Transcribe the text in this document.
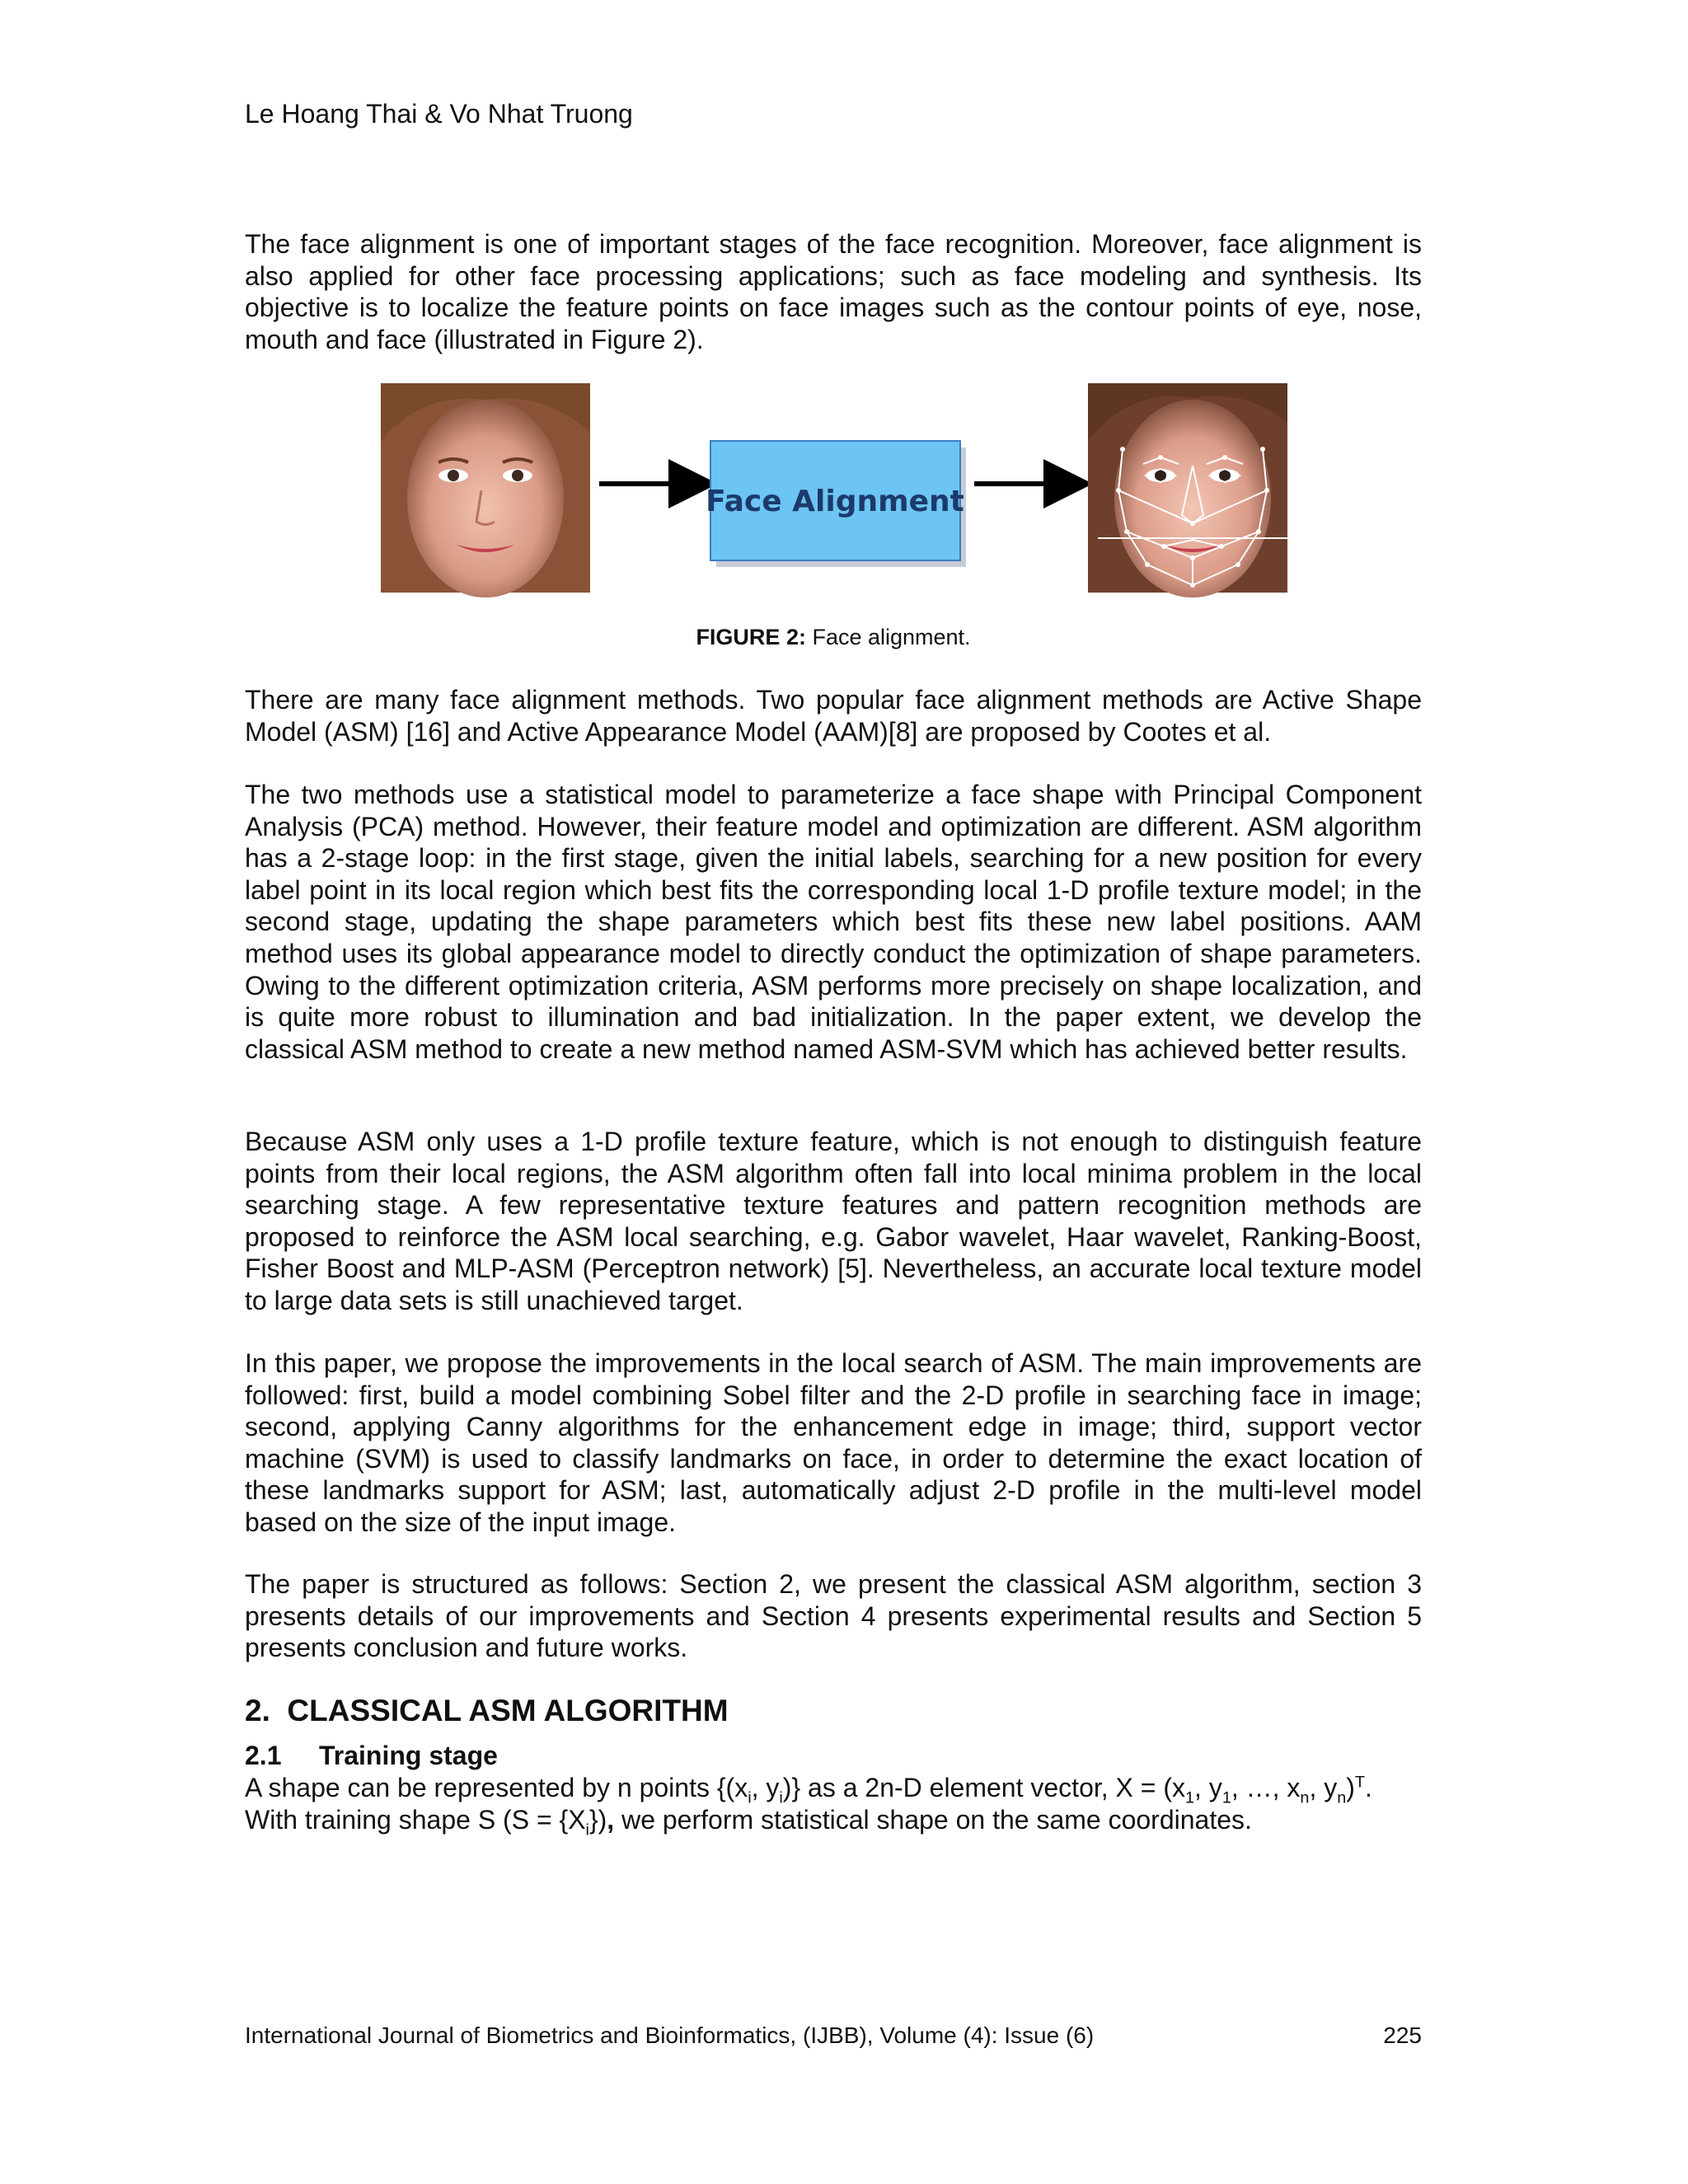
Le Hoang Thai & Vo Nhat Truong

The face alignment is one of important stages of the face recognition. Moreover, face alignment is also applied for other face processing applications; such as face modeling and synthesis. Its objective is to localize the feature points on face images such as the contour points of eye, nose, mouth and face (illustrated in Figure 2).

Face Alignment
FIGURE 2: Face alignment.

There are many face alignment methods. Two popular face alignment methods are Active Shape Model (ASM) [16] and Active Appearance Model (AAM)[8] are proposed by Cootes et al.

The two methods use a statistical model to parameterize a face shape with Principal Component Analysis (PCA) method. However, their feature model and optimization are different. ASM algorithm has a 2-stage loop: in the first stage, given the initial labels, searching for a new position for every label point in its local region which best fits the corresponding local 1-D profile texture model; in the second stage, updating the shape parameters which best fits these new label positions. AAM method uses its global appearance model to directly conduct the optimization of shape parameters. Owing to the different optimization criteria, ASM performs more precisely on shape localization, and is quite more robust to illumination and bad initialization. In the paper extent, we develop the classical ASM method to create a new method named ASM-SVM which has achieved better results.

Because ASM only uses a 1-D profile texture feature, which is not enough to distinguish feature points from their local regions, the ASM algorithm often fall into local minima problem in the local searching stage. A few representative texture features and pattern recognition methods are proposed to reinforce the ASM local searching, e.g. Gabor wavelet, Haar wavelet, Ranking-Boost, Fisher Boost and MLP-ASM (Perceptron network) [5]. Nevertheless, an accurate local texture model to large data sets is still unachieved target.

In this paper, we propose the improvements in the local search of ASM. The main improvements are followed: first, build a model combining Sobel filter and the 2-D profile in searching face in image; second, applying Canny algorithms for the enhancement edge in image; third, support vector machine (SVM) is used to classify landmarks on face, in order to determine the exact location of these landmarks support for ASM; last, automatically adjust 2-D profile in the multi-level model based on the size of the input image.

The paper is structured as follows: Section 2, we present the classical ASM algorithm, section 3 presents details of our improvements and Section 4 presents experimental results and Section 5 presents conclusion and future works.

2. CLASSICAL ASM ALGORITHM
2.1 Training stage

A shape can be represented by n points {($x_i$, $y_i$)} as a 2n-D element vector, $X = (x_1$, $y_1$, …, $x_n$, $y_n)^T$.
With training shape S $(S = \{X_i\})$, we perform statistical shape on the same coordinates.

International Journal of Biometrics and Bioinformatics, (IJBB), Volume (4): Issue (6)	225
